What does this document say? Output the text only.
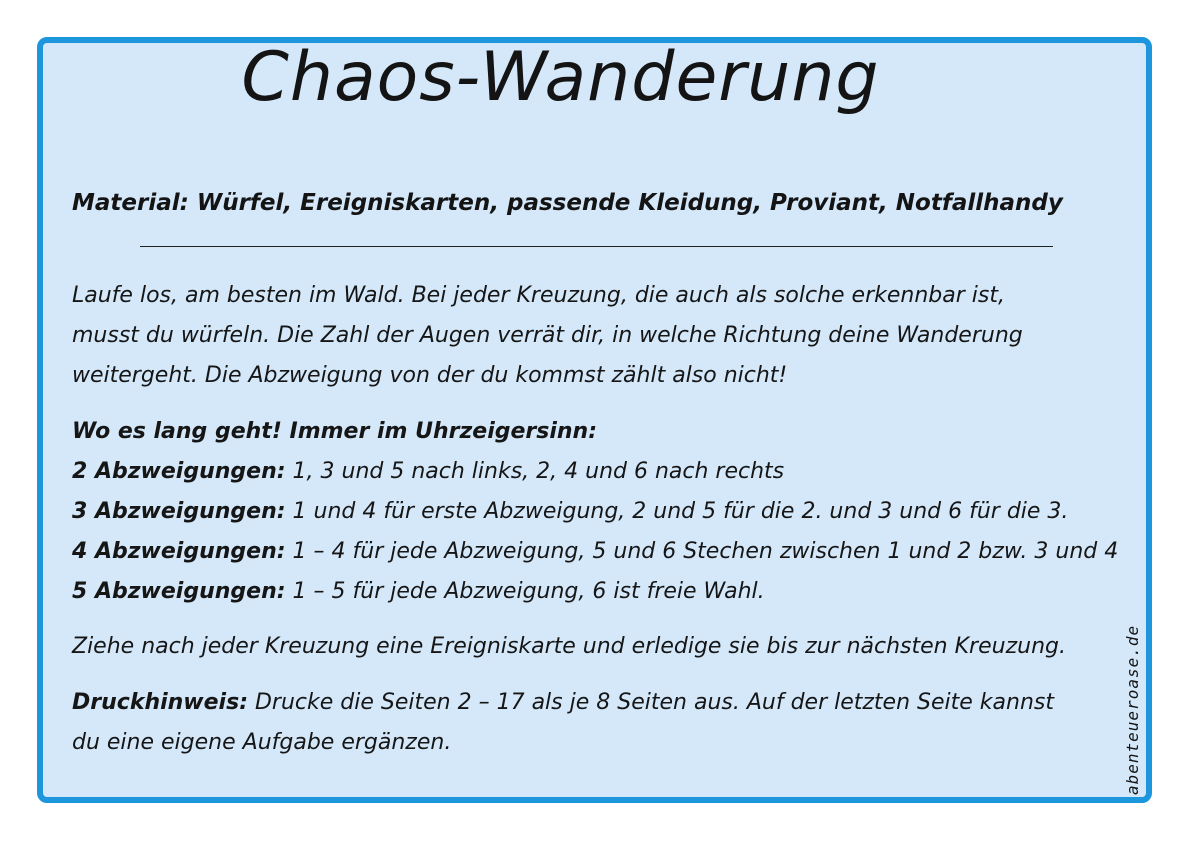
Chaos-Wanderung
Material: Würfel, Ereigniskarten, passende Kleidung, Proviant, Notfallhandy
Laufe los, am besten im Wald. Bei jeder Kreuzung, die auch als solche erkennbar ist,
musst du würfeln. Die Zahl der Augen verrät dir, in welche Richtung deine Wanderung
weitergeht. Die Abzweigung von der du kommst zählt also nicht!
Wo es lang geht! Immer im Uhrzeigersinn:
2 Abzweigungen: 1, 3 und 5 nach links, 2, 4 und 6 nach rechts
3 Abzweigungen: 1 und 4 für erste Abzweigung, 2 und 5 für die 2. und 3 und 6 für die 3.
4 Abzweigungen: 1 – 4 für jede Abzweigung, 5 und 6 Stechen zwischen 1 und 2 bzw. 3 und 4
5 Abzweigungen: 1 – 5 für jede Abzweigung, 6 ist freie Wahl.
Ziehe nach jeder Kreuzung eine Ereigniskarte und erledige sie bis zur nächsten Kreuzung.
Druckhinweis: Drucke die Seiten 2 – 17 als je 8 Seiten aus. Auf der letzten Seite kannst
du eine eigene Aufgabe ergänzen.	abenteueroase.de
